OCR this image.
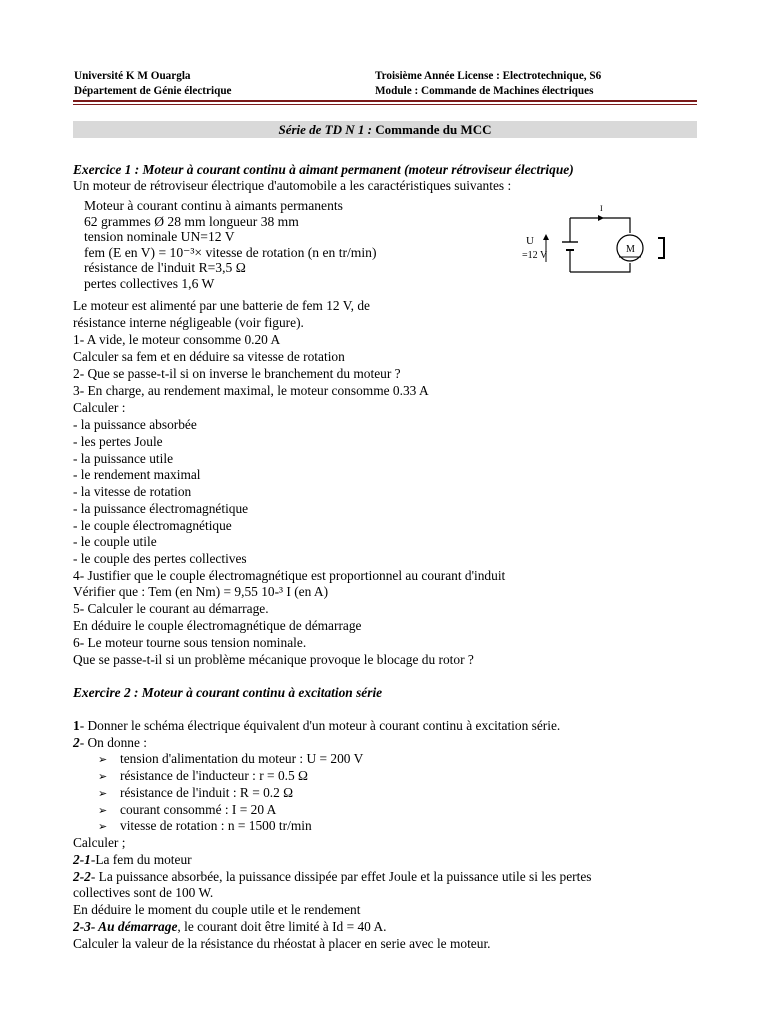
Université K M Ouargla
Département de Génie électrique
Troisième Année License : Electrotechnique, S6
Module : Commande de Machines électriques
Série de TD N 1 : Commande du MCC
Exercice 1 : Moteur à courant continu à aimant permanent (moteur rétroviseur électrique)
Un moteur de rétroviseur électrique d'automobile a les caractéristiques suivantes :
Moteur à courant continu à aimants permanents
62 grammes Ø 28 mm longueur 38 mm
tension nominale UN=12 V
fem (E en V) = 10⁻³× vitesse de rotation (n en tr/min)
résistance de l'induit R=3,5 Ω
pertes collectives 1,6 W
I
M
U
=12 V
Le moteur est alimenté par une batterie de fem 12 V, de
résistance interne négligeable (voir figure).
1- A vide, le moteur consomme 0.20 A
Calculer sa fem et en déduire sa vitesse de rotation
2- Que se passe-t-il si on inverse le branchement du moteur ?
3- En charge, au rendement maximal, le moteur consomme 0.33 A
Calculer :
- la puissance absorbée
- les pertes Joule
- la puissance utile
- le rendement maximal
- la vitesse de rotation
- la puissance électromagnétique
- le couple électromagnétique
- le couple utile
- le couple des pertes collectives
4- Justifier que le couple électromagnétique est proportionnel au courant d'induit
Vérifier que : Tem (en Nm) = 9,55 10-³ I (en A)
5- Calculer le courant au démarrage.
En déduire le couple électromagnétique de démarrage
6- Le moteur tourne sous tension nominale.
Que se passe-t-il si un problème mécanique provoque le blocage du rotor ?
Exercire 2 : Moteur à courant continu à excitation série
1- Donner le schéma électrique équivalent d'un moteur à courant continu à excitation série.
2- On donne :
➢ tension d'alimentation du moteur : U = 200 V
➢ résistance de l'inducteur : r = 0.5 Ω
➢ résistance de l'induit : R = 0.2 Ω
➢ courant consommé : I = 20 A
➢ vitesse de rotation : n = 1500 tr/min
Calculer ;
2-1-La fem du moteur
2-2- La puissance absorbée, la puissance dissipée par effet Joule et la puissance utile si les pertes
collectives sont de 100 W.
En déduire le moment du couple utile et le rendement
2-3- Au démarrage, le courant doit être limité à Id = 40 A.
Calculer la valeur de la résistance du rhéostat à placer en serie avec le moteur.
